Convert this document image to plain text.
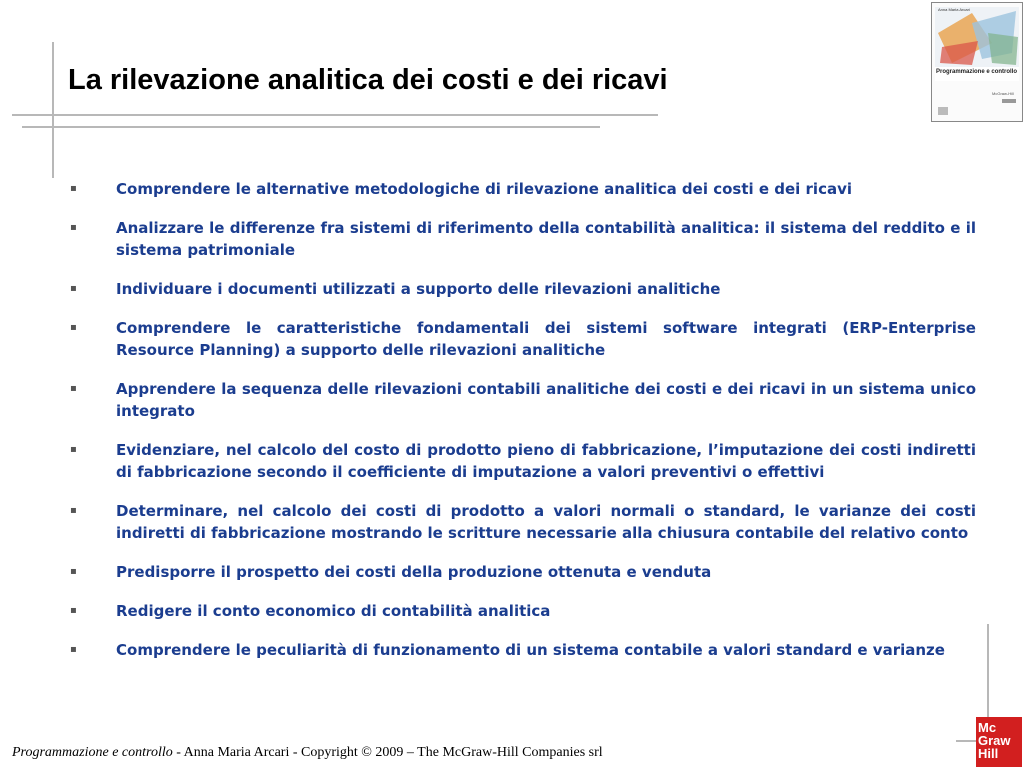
La rilevazione analitica dei costi e dei ricavi
▪	Comprendere le alternative metodologiche di rilevazione analitica dei costi e dei ricavi
▪	Analizzare le differenze fra sistemi di riferimento della contabilità analitica: il sistema del reddito e il sistema patrimoniale
▪	Individuare i documenti utilizzati a supporto delle rilevazioni analitiche
▪	Comprendere le caratteristiche fondamentali dei sistemi software integrati (ERP-Enterprise Resource Planning) a supporto delle rilevazioni analitiche
▪	Apprendere la sequenza delle rilevazioni contabili analitiche dei costi e dei ricavi in un sistema unico integrato
▪	Evidenziare, nel calcolo del costo di prodotto pieno di fabbricazione, l’imputazione dei costi indiretti di fabbricazione secondo il coefficiente di imputazione a valori preventivi o effettivi
▪	Determinare, nel calcolo dei costi di prodotto a valori normali o standard, le varianze dei costi indiretti di fabbricazione mostrando le scritture necessarie alla chiusura contabile del relativo conto
▪	Predisporre il prospetto dei costi della produzione ottenuta e venduta
▪	Redigere il conto economico di contabilità analitica
▪	Comprendere le peculiarità di funzionamento di un sistema contabile a valori standard e varianze
Anna Maria Arcari
Programmazione e controllo
McGraw-Hill
Mc
Graw
Hill
Programmazione e controllo - Anna Maria Arcari - Copyright © 2009 – The McGraw-Hill Companies srl
